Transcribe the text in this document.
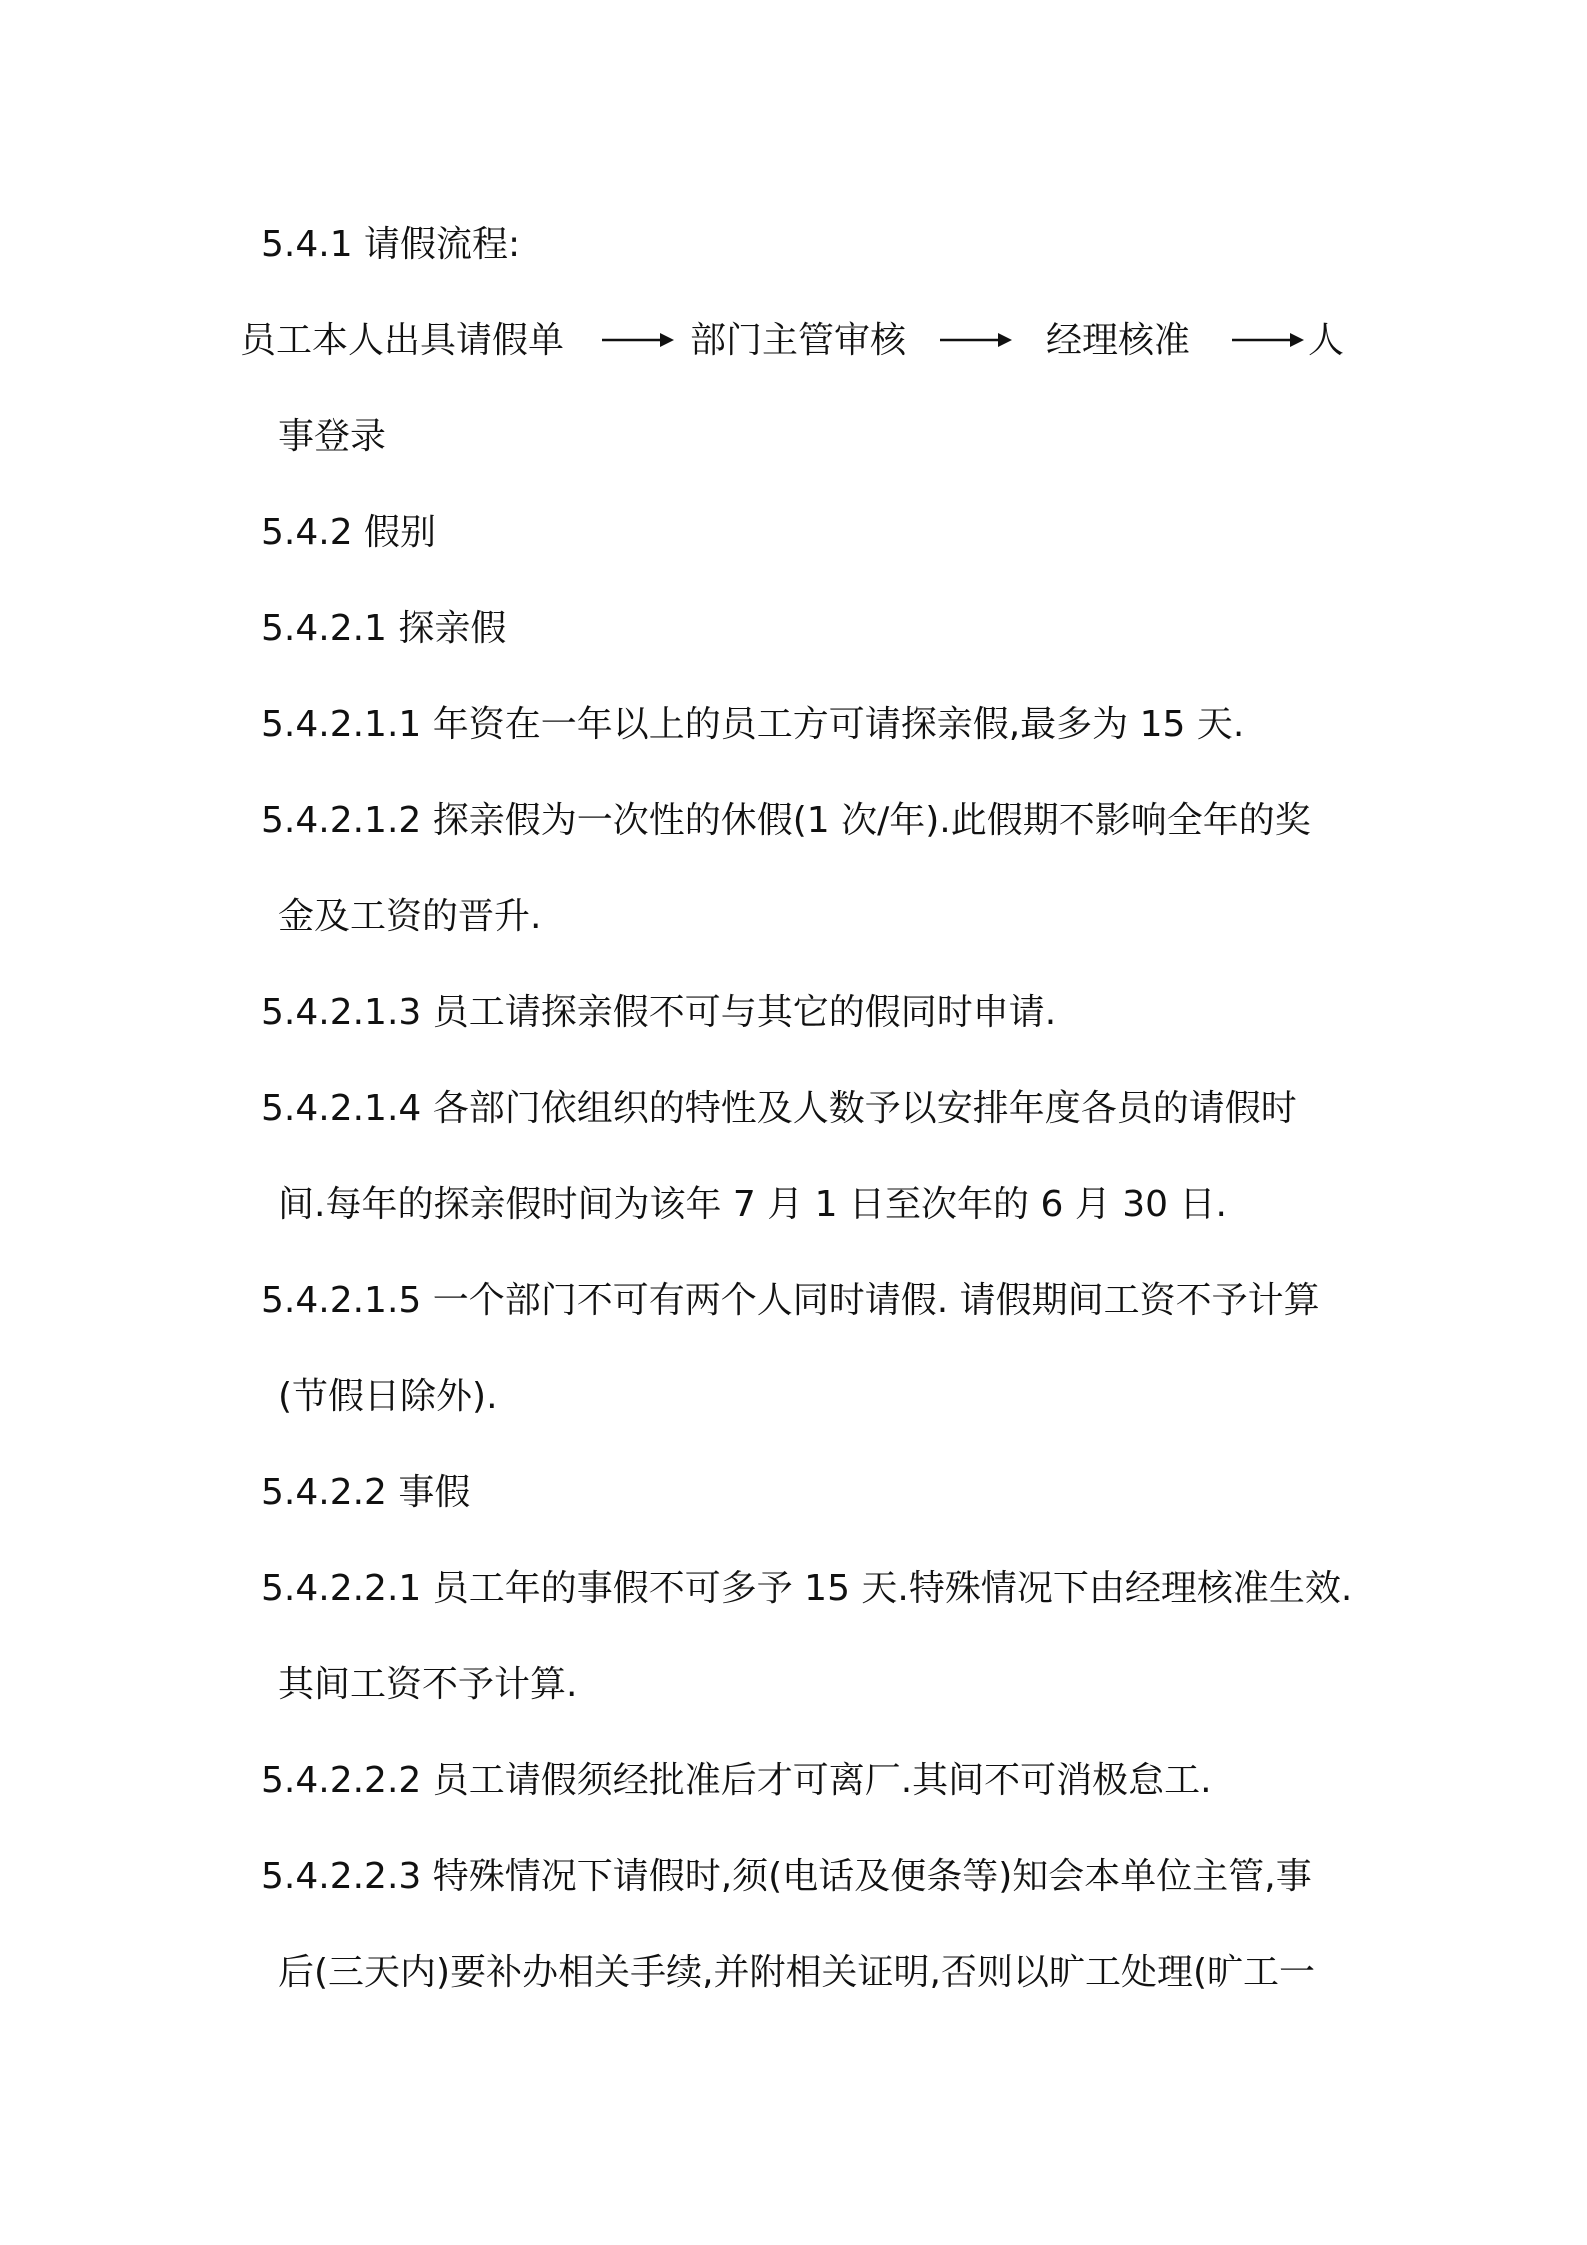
5.4.1 请假流程:
员工本人出具请假单	部门主管审核	经理核准	人
事登录
5.4.2 假别
5.4.2.1 探亲假
5.4.2.1.1 年资在一年以上的员工方可请探亲假,最多为 15 天.
5.4.2.1.2 探亲假为一次性的休假(1 次/年).此假期不影响全年的奖
金及工资的晋升.
5.4.2.1.3 员工请探亲假不可与其它的假同时申请.
5.4.2.1.4 各部门依组织的特性及人数予以安排年度各员的请假时
间.每年的探亲假时间为该年 7 月 1 日至次年的 6 月 30 日.
5.4.2.1.5 一个部门不可有两个人同时请假. 请假期间工资不予计算
(节假日除外).
5.4.2.2 事假
5.4.2.2.1 员工年的事假不可多予 15 天.特殊情况下由经理核准生效.
其间工资不予计算.
5.4.2.2.2 员工请假须经批准后才可离厂.其间不可消极怠工.
5.4.2.2.3 特殊情况下请假时,须(电话及便条等)知会本单位主管,事
后(三天内)要补办相关手续,并附相关证明,否则以旷工处理(旷工一
